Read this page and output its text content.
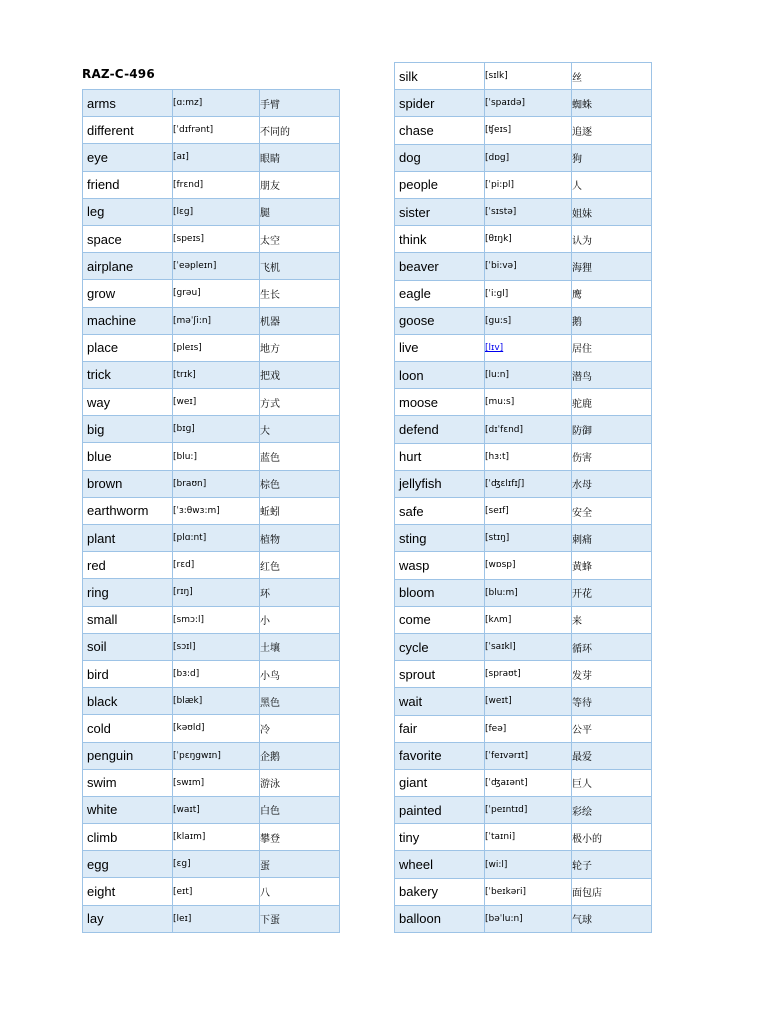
RAZ-C-496
arms	[ɑ:mz]	手臂
different	[ˈdɪfrənt]	不同的
eye	[aɪ]	眼睛
friend	[frɛnd]	朋友
leg	[lɛg]	腿
space	[speɪs]	太空
airplane	[ˈeəpleɪn]	飞机
grow	[grəu]	生长
machine	[məˈʃi:n]	机器
place	[pleɪs]	地方
trick	[trɪk]	把戏
way	[weɪ]	方式
big	[bɪg]	大
blue	[blu:]	蓝色
brown	[braʊn]	棕色
earthworm	[ˈɜ:θwɜ:m]	蚯蚓
plant	[plɑ:nt]	植物
red	[rɛd]	红色
ring	[rɪŋ]	环
small	[smɔ:l]	小
soil	[sɔɪl]	土壤
bird	[bɜ:d]	小鸟
black	[blæk]	黑色
cold	[kəʊld]	冷
penguin	[ˈpɛŋgwɪn]	企鹅
swim	[swɪm]	游泳
white	[waɪt]	白色
climb	[klaɪm]	攀登
egg	[ɛg]	蛋
eight	[eɪt]	八
lay	[leɪ]	下蛋
silk	[sɪlk]	丝
spider	[ˈspaɪdə]	蜘蛛
chase	[ʧeɪs]	追逐
dog	[dɒg]	狗
people	[ˈpi:pl]	人
sister	[ˈsɪstə]	姐妹
think	[θɪŋk]	认为
beaver	[ˈbi:və]	海狸
eagle	[ˈi:gl]	鹰
goose	[gu:s]	鹅
live	[lɪv]	居住
loon	[lu:n]	潜鸟
moose	[mu:s]	驼鹿
defend	[dɪˈfɛnd]	防御
hurt	[hɜ:t]	伤害
jellyfish	[ˈʤɛlɪfɪʃ]	水母
safe	[seɪf]	安全
sting	[stɪŋ]	刺痛
wasp	[wɒsp]	黄蜂
bloom	[blu:m]	开花
come	[kʌm]	来
cycle	[ˈsaɪkl]	循环
sprout	[spraʊt]	发芽
wait	[weɪt]	等待
fair	[feə]	公平
favorite	[ˈfeɪvərɪt]	最爱
giant	[ˈʤaɪənt]	巨人
painted	[ˈpeɪntɪd]	彩绘
tiny	[ˈtaɪni]	极小的
wheel	[wi:l]	轮子
bakery	[ˈbeɪkəri]	面包店
balloon	[bəˈlu:n]	气球
